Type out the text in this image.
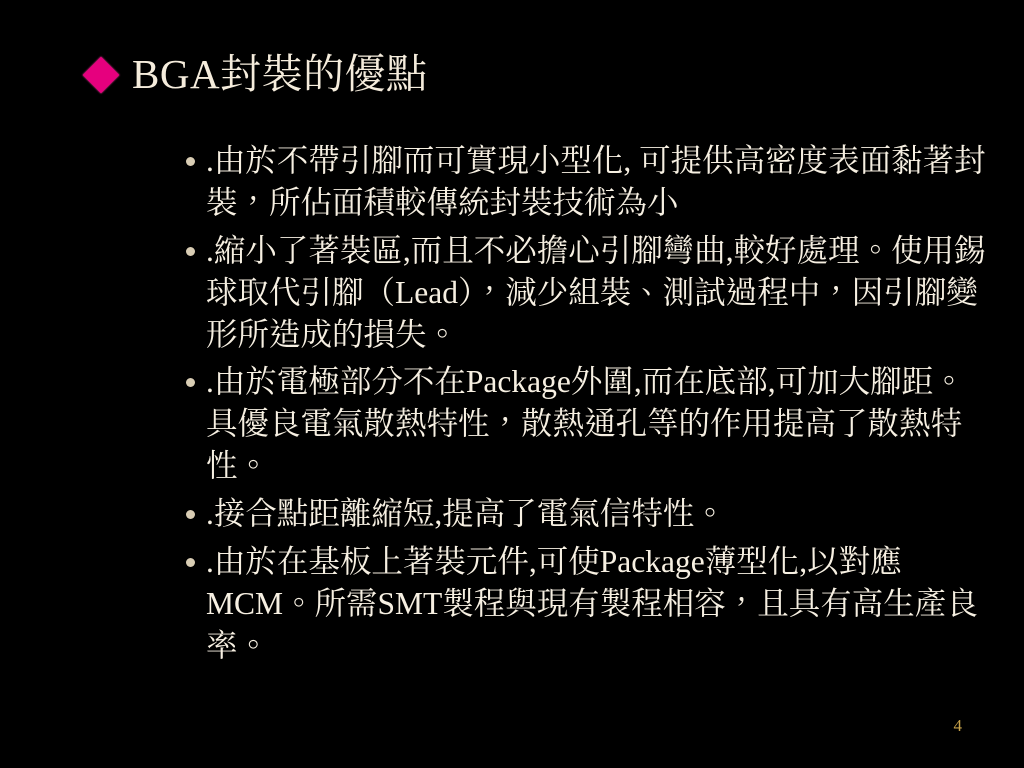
BGA封裝的優點
.由於不帶引腳而可實現小型化, 可提供高密度表面黏著封裝，所佔面積較傳統封裝技術為小
.縮小了著裝區,而且不必擔心引腳彎曲,較好處理。使用錫球取代引腳（Lead），減少組裝、測試過程中，因引腳變形所造成的損失。
.由於電極部分不在Package外圍,而在底部,可加大腳距。具優良電氣散熱特性，散熱通孔等的作用提高了散熱特性。
.接合點距離縮短,提高了電氣信特性。
.由於在基板上著裝元件,可使Package薄型化,以對應MCM。所需SMT製程與現有製程相容，且具有高生產良率。
4
